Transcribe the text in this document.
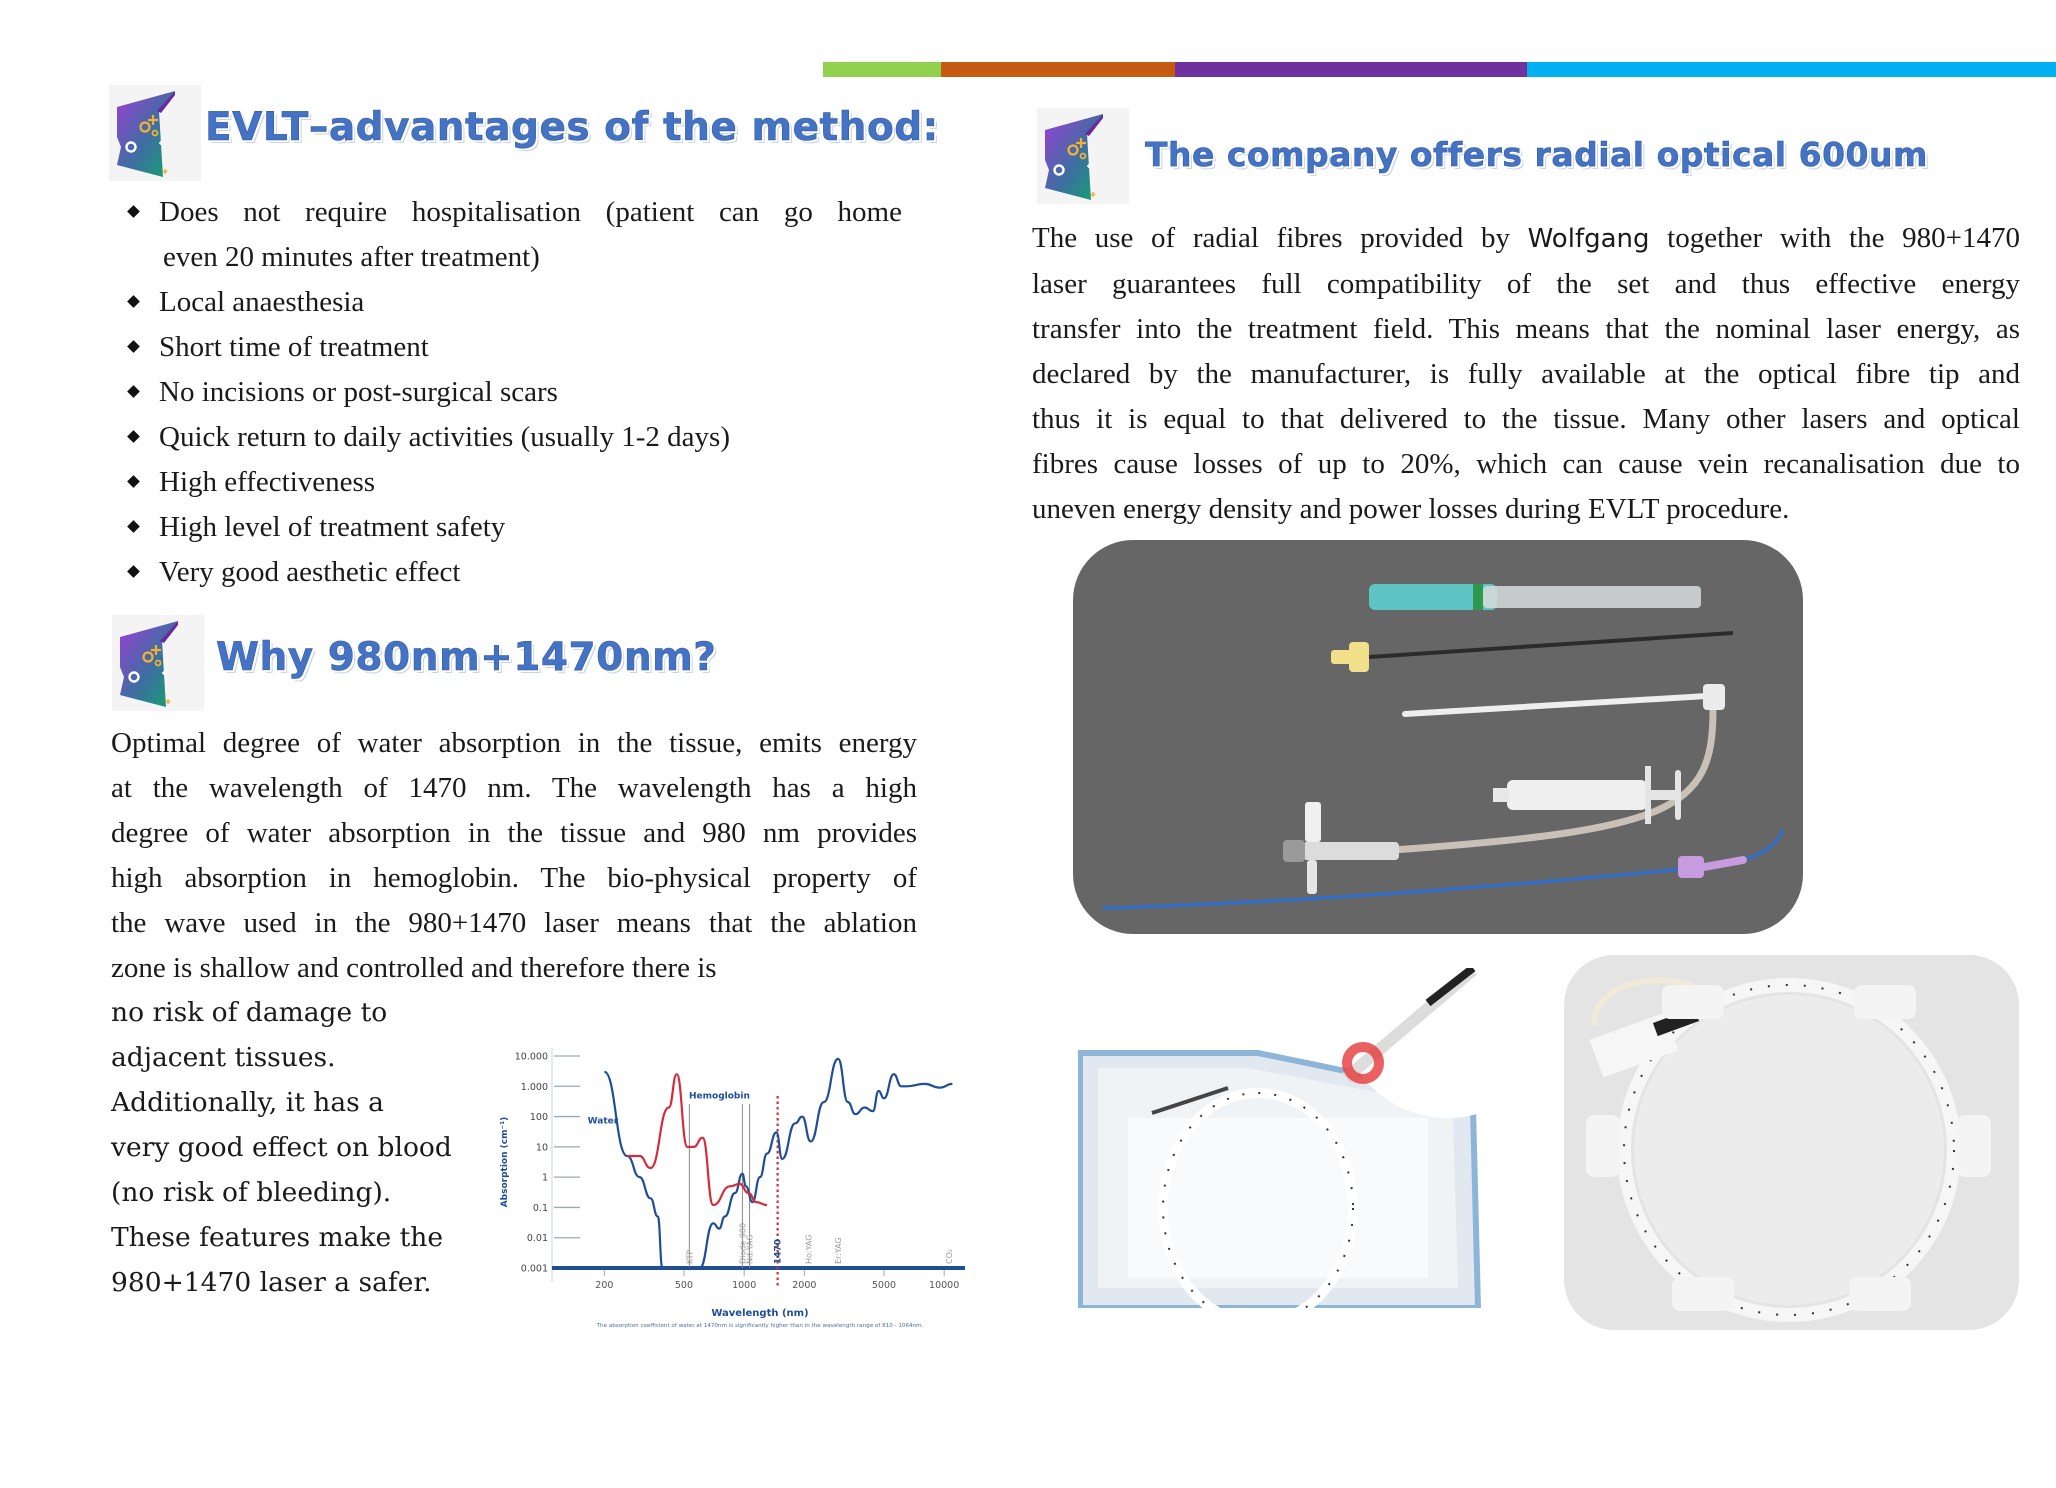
EVLT–advantages of the method:
Does not require hospitalisation (patient can go home
even 20 minutes after treatment)
Local anaesthesia
Short time of treatment
No incisions or post-surgical scars
Quick return to daily activities (usually 1-2 days)
High effectiveness
High level of treatment safety
Very good aesthetic effect
Why 980nm+1470nm?
Optimal degree of water absorption in the tissue, emits energy
at the wavelength of 1470 nm. The wavelength has a high
degree of water absorption in the tissue and 980 nm provides
high absorption in hemoglobin. The bio-physical property of
the wave used in the 980+1470 laser means that the ablation
zone is shallow and controlled and therefore there is
no risk of damage to
adjacent tissues.
Additionally, it has a
very good effect on blood
(no risk of bleeding).
These features make the
980+1470 laser a safer.
10.000
1.000
100
10
1
0.1
0.01
0.001
200	500	1000	2000	5000	10000
KTP	Diode 980
Nd:YAG 1470	Ho:YAG	Er:YAG	CO₂
Absorption (cm⁻¹)
Wavelength (nm)
The absorption coefficient of water at 1470nm is significantly higher than in the wavelength range of 810 - 1064nm.
Water
Hemoglobin
The company offers radial optical 600um
The use of radial fibres provided by Wolfgang together with the 980+1470
laser guarantees full compatibility of the set and thus effective energy
transfer into the treatment field. This means that the nominal laser energy, as
declared by the manufacturer, is fully available at the optical fibre tip and
thus it is equal to that delivered to the tissue. Many other lasers and optical
fibres cause losses of up to 20%, which can cause vein recanalisation due to
uneven energy density and power losses during EVLT procedure.
